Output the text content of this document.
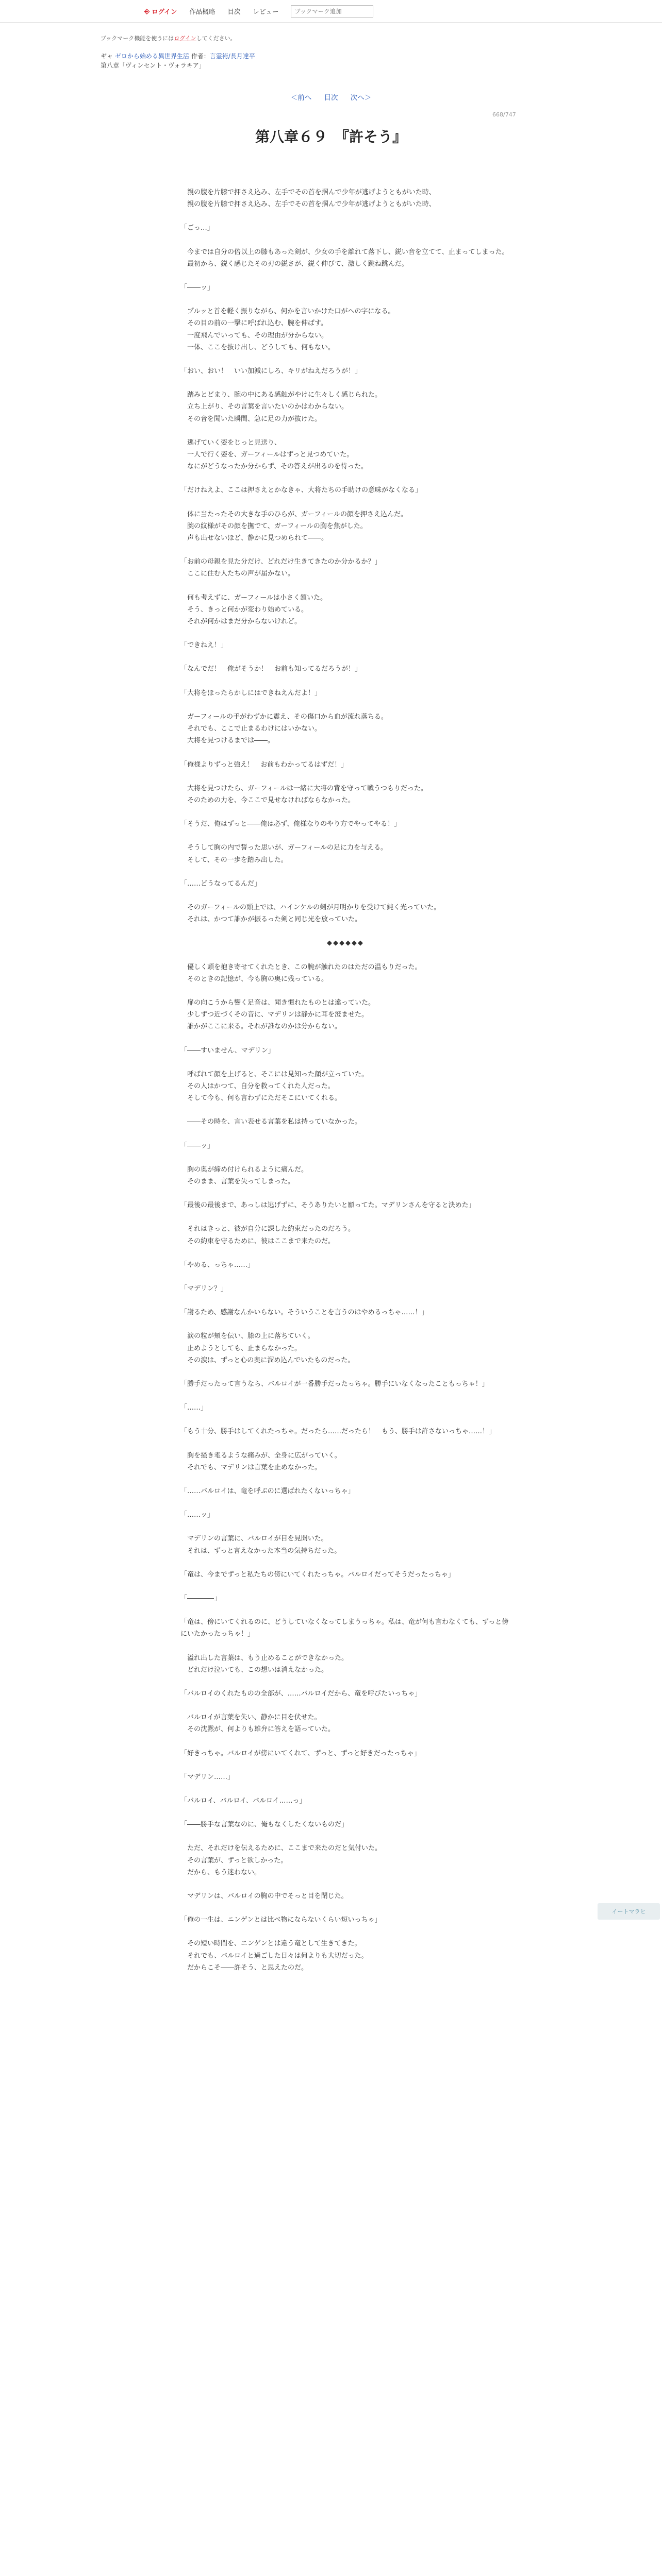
⎆ ログイン 作品概略 目次 レビュー
ブックマーク追加
ブックマーク機能を使うにはログインしてください。
ギャ ゼロから始める異世界生活 作者：言霊術/長月達平
第八章「ヴィンセント・ヴォラキア」
＜前へ 目次 次へ＞
668/747
第八章６９　『許そう』

　親の腹を片膝で押さえ込み、左手でその首を掴んで少年が逃げようともがいた時、

　親の腹を片膝で押さえ込み、左手でその首を掴んで少年が逃げようともがいた時、

「ごっ…」

　今までは自分の倍以上の膝もあった剣が、少女の手を離れて落下し、鋭い音を立てて、止まってしまった。

　最初から、鋭く感じたその刃の鋭さが、鋭く伸びて、激しく跳ね跳んだ。

「――ッ」

　プルッと首を軽く振りながら、何かを言いかけた口がヘの字になる。

　その目の前の一撃に呼ばれ込む、腕を伸ばす。

　一度飛んでいっても、その理由が分からない。

　一体、ここを抜け出し、どうしても、何もない。

「おい、おい！　いい加減にしろ、キリがねえだろうが！」

　踏みとどまり、腕の中にある感触がやけに生々しく感じられた。

　立ち上がり、その言葉を言いたいのかはわからない。

　その音を聞いた瞬間、急に足の力が抜けた。

　逃げていく姿をじっと見送り、

　一人で行く姿を、ガーフィールはずっと見つめていた。

　なにがどうなったか分からず、その答えが出るのを待った。

「だけねえよ、ここは押さえとかなきゃ、大将たちの手助けの意味がなくなる」

　体に当たったその大きな手のひらが、ガーフィールの顔を押さえ込んだ。

　腕の紋様がその顔を撫でて、ガーフィールの胸を焦がした。

　声も出せないほど、静かに見つめられて――。

「お前の母親を見た分だけ、どれだけ生きてきたのか分かるか？」

　ここに住む人たちの声が届かない。

　何も考えずに、ガーフィールは小さく頷いた。

　そう、きっと何かが変わり始めている。

　それが何かはまだ分からないけれど。

「できねえ！」

「なんでだ！　俺がそうか！　お前も知ってるだろうが！」

「大将をほったらかしにはできねえんだよ！」

　ガーフィールの手がわずかに震え、その傷口から血が流れ落ちる。

　それでも、ここで止まるわけにはいかない。

　大将を見つけるまでは――。

「俺様よりずっと強え！　お前もわかってるはずだ！」

　大将を見つけたら、ガーフィールは一緒に大将の背を守って戦うつもりだった。

　そのための力を、今ここで見せなければならなかった。

「そうだ、俺はずっと――俺は必ず、俺様なりのやり方でやってやる！」

　そうして胸の内で誓った思いが、ガーフィールの足に力を与える。

　そして、その一歩を踏み出した。

「……どうなってるんだ」

　そのガーフィールの頭上では、ハインケルの剣が月明かりを受けて鈍く光っていた。

　それは、かつて誰かが振るった剣と同じ光を放っていた。

◆◆◆◆◆◆

　優しく頭を抱き寄せてくれたとき、この腕が触れたのはただの温もりだった。

　そのときの記憶が、今も胸の奥に残っている。

　扉の向こうから響く足音は、聞き慣れたものとは違っていた。

　少しずつ近づくその音に、マデリンは静かに耳を澄ませた。

　誰かがここに来る。それが誰なのかは分からない。

「――すいません、マデリン」

　呼ばれて顔を上げると、そこには見知った顔が立っていた。

　その人はかつて、自分を救ってくれた人だった。

　そして今も、何も言わずにただそこにいてくれる。

　――その時を、言い表せる言葉を私は持っていなかった。

「――ッ」

　胸の奥が締め付けられるように痛んだ。

　そのまま、言葉を失ってしまった。

「最後の最後まで、あっしは逃げずに、そうありたいと願ってた。マデリンさんを守ると決めた」

　それはきっと、彼が自分に課した約束だったのだろう。

　その約束を守るために、彼はここまで来たのだ。

「やめる、っちゃ……」

「マデリン？」

「謝るため、感謝なんかいらない。そういうことを言うのはやめるっちゃ……！」

　涙の粒が頬を伝い、膝の上に落ちていく。

　止めようとしても、止まらなかった。

　その涙は、ずっと心の奥に溜め込んでいたものだった。

「勝手だったって言うなら、バルロイが一番勝手だったっちゃ。勝手にいなくなったこともっちゃ！」

「……」

「もう十分、勝手はしてくれたっちゃ。だったら……だったら！　もう、勝手は許さないっちゃ……！」

　胸を掻き毟るような痛みが、全身に広がっていく。

　それでも、マデリンは言葉を止めなかった。

「……バルロイは、竜を呼ぶのに選ばれたくないっちゃ」

「……ッ」

　マデリンの言葉に、バルロイが目を見開いた。

　それは、ずっと言えなかった本当の気持ちだった。

「竜は、今までずっと私たちの傍にいてくれたっちゃ。バルロイだってそうだったっちゃ」

「――――」

「竜は、傍にいてくれるのに、どうしていなくなってしまうっちゃ。私は、竜が何も言わなくても、ずっと傍にいたかったっちゃ！」

　溢れ出した言葉は、もう止めることができなかった。

　どれだけ泣いても、この想いは消えなかった。

「バルロイのくれたものの全部が、……バルロイだから、竜を呼びたいっちゃ」

　バルロイが言葉を失い、静かに目を伏せた。

　その沈黙が、何よりも雄弁に答えを語っていた。

「好きっちゃ。バルロイが傍にいてくれて、ずっと、ずっと好きだったっちゃ」

「マデリン……」

「バルロイ、バルロイ、バルロイ……っ」

「――勝手な言葉なのに、俺もなくしたくないものだ」

　ただ、それだけを伝えるために、ここまで来たのだと気付いた。

　その言葉が、ずっと欲しかった。

　だから、もう迷わない。

　マデリンは、バルロイの胸の中でそっと目を閉じた。

「俺の一生は、ニンゲンとは比べ物にならないくらい短いっちゃ」

　その短い時間を、ニンゲンとは違う竜として生きてきた。

　それでも、バルロイと過ごした日々は何よりも大切だった。

　だからこそ――許そう、と思えたのだ。

イートマラヒ
